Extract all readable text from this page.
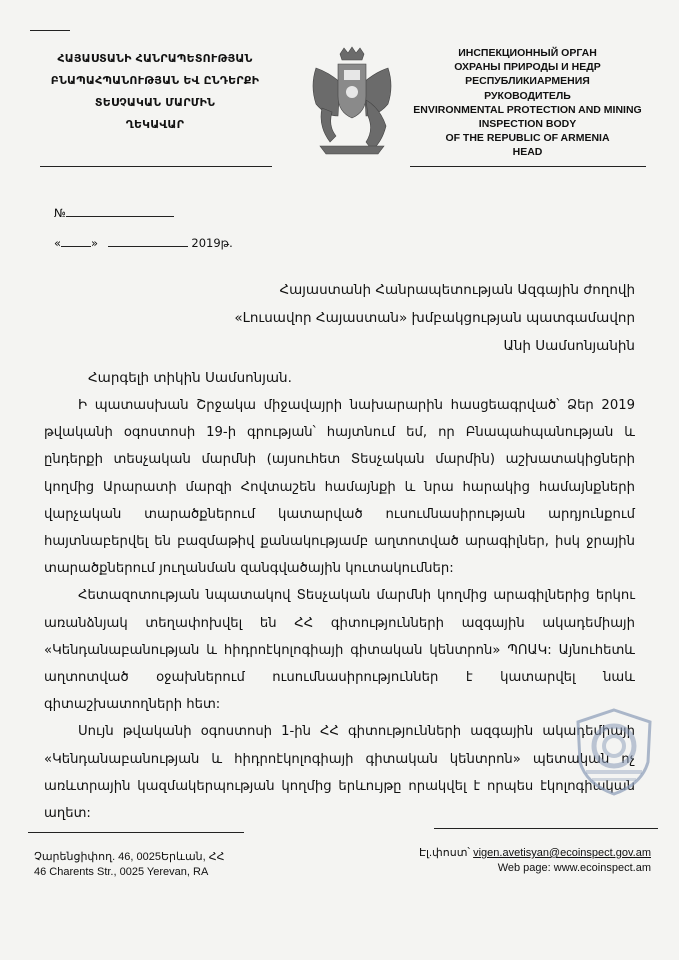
ՀԱՅԱՍՏԱՆԻ ՀԱՆՐԱՊԵՏՈՒԹՅԱՆ
ԲՆԱՊԱՀՊԱՆՈՒԹՅԱՆ ԵՎ ԸՆԴԵՐՔԻ
ՏԵՍՉԱԿԱՆ ՄԱՐՄԻՆ
ՂԵԿԱՎԱՐ
ИНСПЕКЦИОННЫЙ ОРГАН
ОХРАНЫ ПРИРОДЫ И НЕДР
РЕСПУБЛИКИАРМЕНИЯ
РУКОВОДИТЕЛЬ
ENVIRONMENTAL PROTECTION AND MINING
INSPECTION BODY
OF THE REPUBLIC OF ARMENIA
HEAD
№
«	»	2019թ.
Հայաստանի Հանրապետության Ազգային ժողովի
«Լուսավոր Հայաստան» խմբակցության պատգամավոր
Անի Սամսոնյանին
Հարգելի տիկին Սամսոնյան.

Ի պատասխան Շրջակա միջավայրի նախարարին հասցեագրված՝ Ձեր 2019 թվականի օգոստոսի 19-ի գրության՝ հայտնում եմ, որ Բնապահպանության և ընդերքի տեսչական մարմնի (այսուհետ Տեսչական մարմին) աշխատակիցների կողմից Արարատի մարզի Հովտաշեն համայնքի և նրա հարակից համայնքների վարչական տարածքներում կատարված ուսումնասիրության արդյունքում հայտնաբերվել են բազմաթիվ քանակությամբ աղտոտված արագիլներ, իսկ ջրային տարածքներում յուղանման զանգվածային կուտակումներ:

Հետազոտության նպատակով Տեսչական մարմնի կողմից արագիլներից երկու առանձնյակ տեղափոխվել են ՀՀ գիտությունների ազգային ակադեմիայի «Կենդանաբանության և հիդրոէկոլոգիայի գիտական կենտրոն» ՊՈԱԿ: Այնուհետև աղտոտված օջախներում ուսումնասիրություններ է կատարվել նաև գիտաշխատողների հետ:

Սույն թվականի օգոստոսի 1-ին ՀՀ գիտությունների ազգային ակադեմիայի «Կենդանաբանության և հիդրոէկոլոգիայի գիտական կենտրոն» պետական ոչ առևտրային կազմակերպության կողմից երևույթը որակվել է որպես էկոլոգիական աղետ:

Չարենցիփող. 46, 0025Երևան, ՀՀ
46 Charents Str., 0025 Yerevan, RA
Էլ.փոստ՝ vigen.avetisyan@ecoinspect.gov.am
Web page: www.ecoinspect.am
